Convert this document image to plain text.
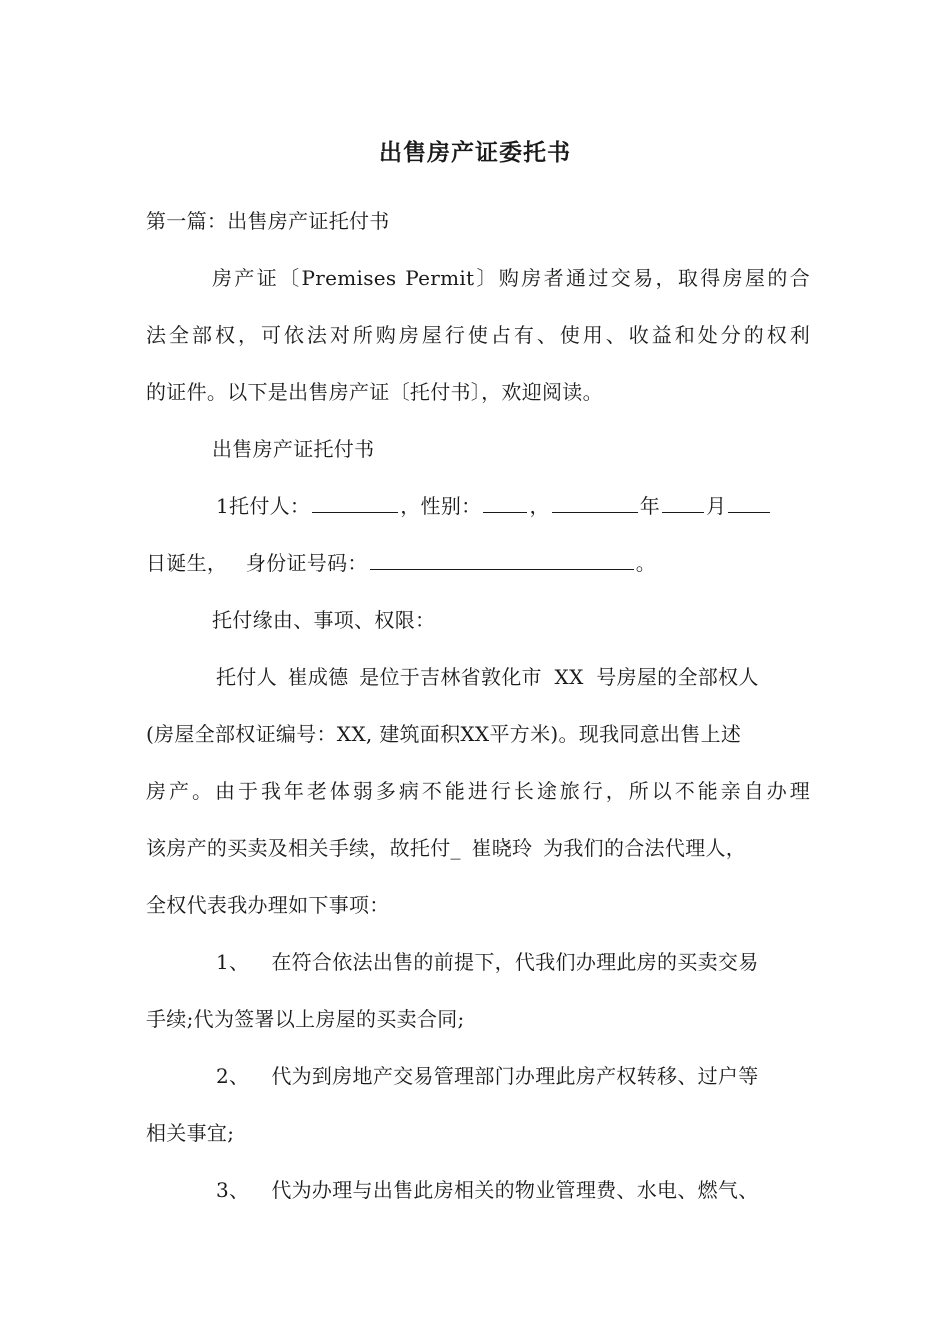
出售房产证委托书
第一篇：出售房产证托付书
房产证〔Premises Permit〕购房者通过交易，取得房屋的合
法全部权，可依法对所购房屋行使占有、使用、收益和处分的权利
的证件。以下是出售房产证〔托付书〕，欢迎阅读。
出售房产证托付书
1托付人：	，性别： ，	年 月
日诞生， 身份证号码：	。
托付缘由、事项、权限：
托付人 崔成德 是位于吉林省敦化市 XX 号房屋的全部权人
(房屋全部权证编号：XX, 建筑面积XX平方米)。现我同意出售上述
房产。由于我年老体弱多病不能进行长途旅行，所以不能亲自办理
该房产的买卖及相关手续，故托付_ 崔晓玲 为我们的合法代理人，
全权代表我办理如下事项：
1、 在符合依法出售的前提下，代我们办理此房的买卖交易
手续;代为签署以上房屋的买卖合同;
2、 代为到房地产交易管理部门办理此房产权转移、过户等
相关事宜;
3、 代为办理与出售此房相关的物业管理费、水电、燃气、
